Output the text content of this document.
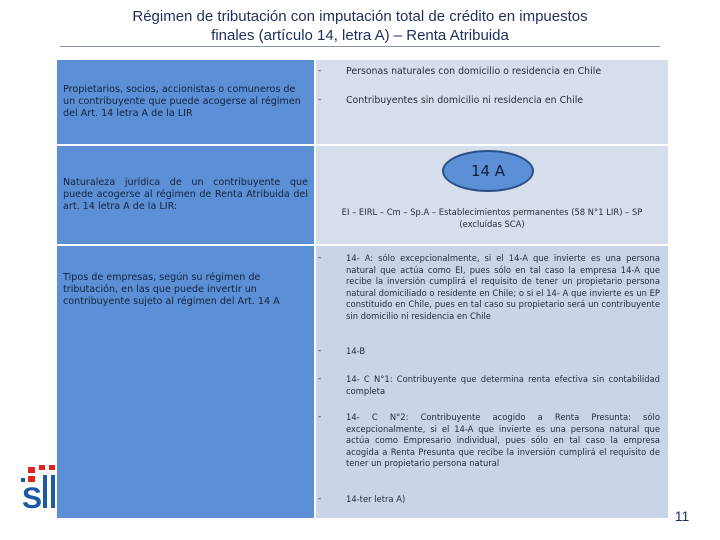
Régimen de tributación con imputación total de crédito en impuestos
finales (artículo 14, letra A) – Renta Atribuida
Propietarios, socios, accionistas o comuneros de un contribuyente que puede acogerse al régimen del Art. 14 letra A de la LIR
-	Personas naturales con domicilio o residencia en Chile
-	Contribuyentes sin domicilio ni residencia en Chile
Naturaleza jurídica de un contribuyente que puede acogerse al régimen de Renta Atribuida del art. 14 letra A de la LIR:	EI – EIRL – Cm – Sp.A – Establecimientos permanentes (58 N°1 LIR) – SP (excluídas SCA)
14 A
Tipos de empresas, según su régimen de tributación, en las que puede invertir un contribuyente sujeto al régimen del Art. 14 A
-	14- A: sólo excepcionalmente, si el 14-A que invierte es una persona natural que actúa como EI, pues sólo en tal caso la empresa 14-A que recibe la inversión cumplirá el requisito de tener un propietario persona natural domiciliado o residente en Chile; o si el 14- A que invierte es un EP constituido en Chile, pues en tal caso su propietario será un contribuyente sin domicilio ni residencia en Chile
-	14-B
-	14- C N°1: Contribuyente que determina renta efectiva sin contabilidad completa
-	14- C N°2: Contribuyente acogido a Renta Presunta: sólo excepcionalmente, si el 14-A que invierte es una persona natural que actúa como Empresario individual, pues sólo en tal caso la empresa acogida a Renta Presunta que recibe la inversión cumplirá el requisito de tener un propietario persona natural
-	14-ter letra A)
S
11
